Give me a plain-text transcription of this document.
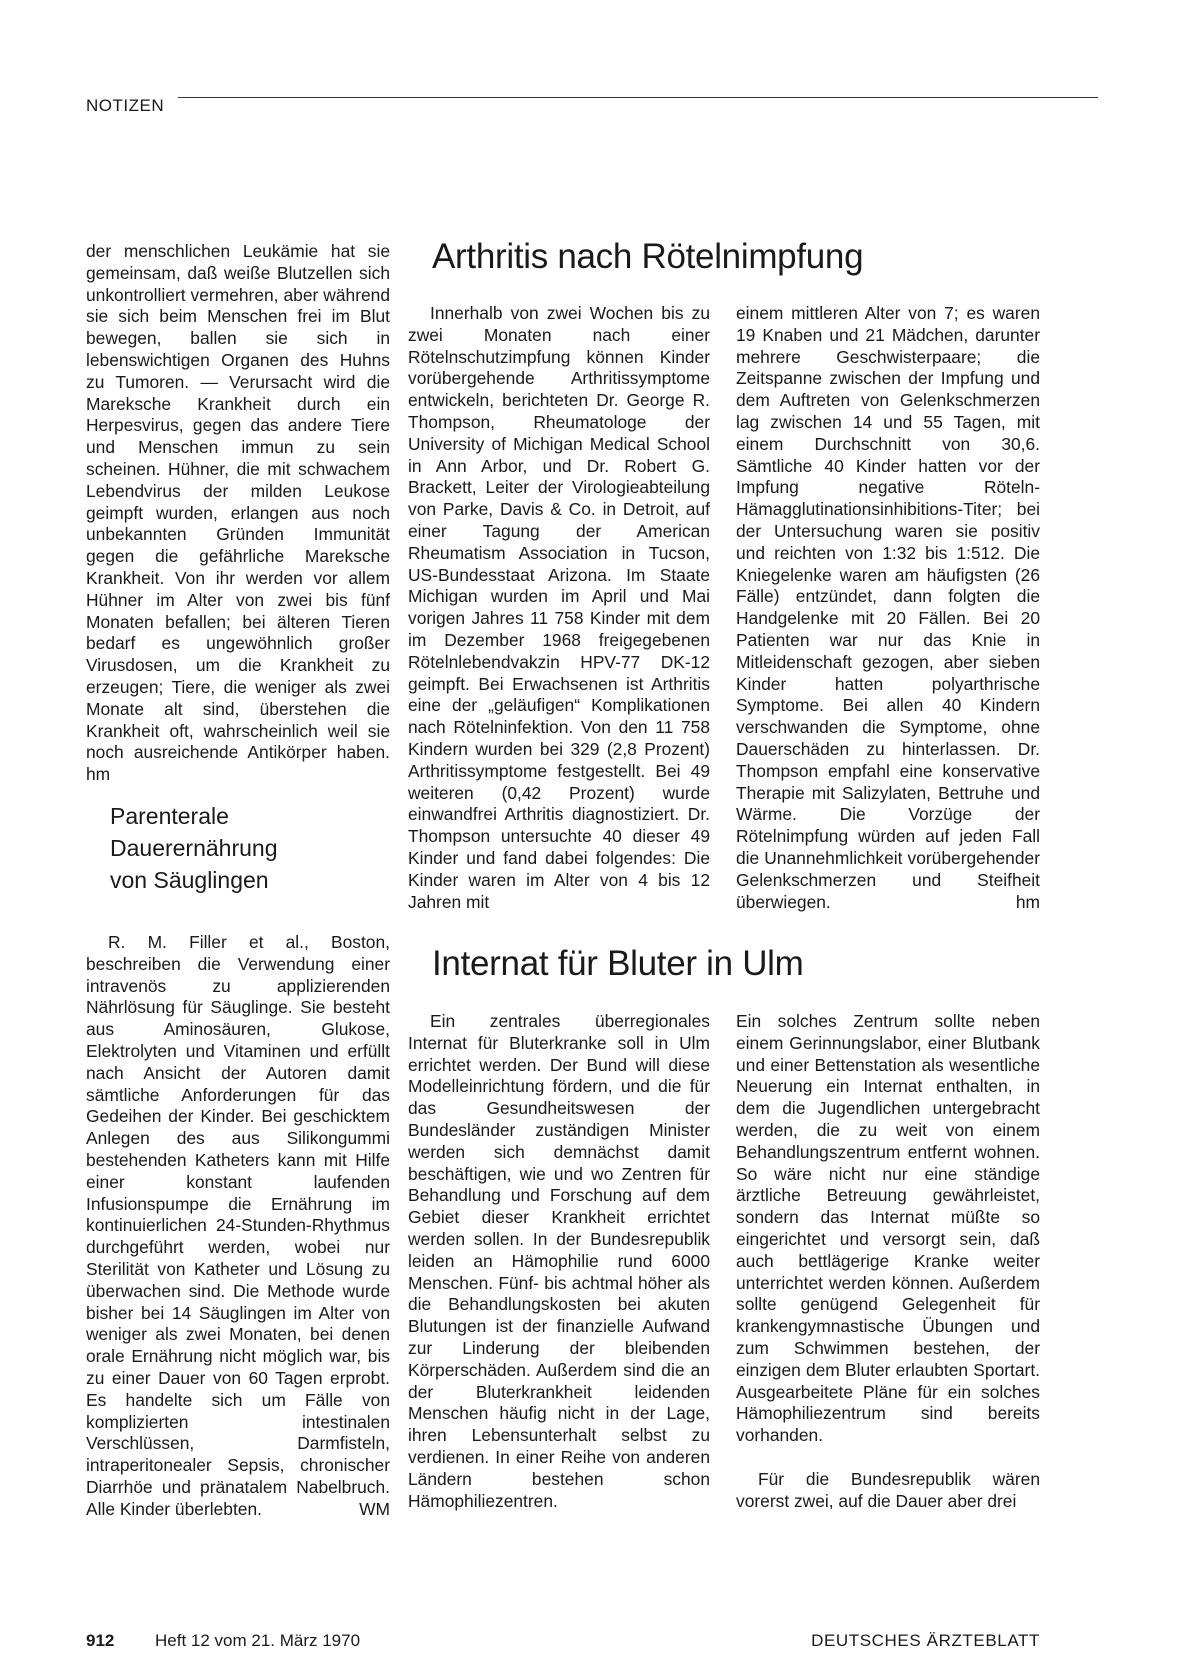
NOTIZEN

der menschlichen Leukämie hat sie gemeinsam, daß weiße Blutzellen sich unkontrolliert vermehren, aber während sie sich beim Menschen frei im Blut bewegen, ballen sie sich in lebenswichtigen Organen des Huhns zu Tumoren. — Verursacht wird die Mareksche Krankheit durch ein Herpesvirus, gegen das andere Tiere und Menschen immun zu sein scheinen. Hühner, die mit schwachem Lebendvirus der milden Leukose geimpft wurden, erlangen aus noch unbekannten Gründen Immunität gegen die gefährliche Mareksche Krankheit. Von ihr werden vor allem Hühner im Alter von zwei bis fünf Monaten befallen; bei älteren Tieren bedarf es ungewöhnlich großer Virusdosen, um die Krankheit zu erzeugen; Tiere, die weniger als zwei Monate alt sind, überstehen die Krankheit oft, wahrscheinlich weil sie noch ausreichende Antikörper haben. hm

Parenterale
Dauerernährung
von Säuglingen

R. M. Filler et al., Boston, beschreiben die Verwendung einer intravenös zu applizierenden Nährlösung für Säuglinge. Sie besteht aus Aminosäuren, Glukose, Elektrolyten und Vitaminen und erfüllt nach Ansicht der Autoren damit sämtliche Anforderungen für das Gedeihen der Kinder. Bei geschicktem Anlegen des aus Silikongummi bestehenden Katheters kann mit Hilfe einer konstant laufenden Infusionspumpe die Ernährung im kontinuierlichen 24-Stunden-Rhythmus durchgeführt werden, wobei nur Sterilität von Katheter und Lösung zu überwachen sind. Die Methode wurde bisher bei 14 Säuglingen im Alter von weniger als zwei Monaten, bei denen orale Ernährung nicht möglich war, bis zu einer Dauer von 60 Tagen erprobt. Es handelte sich um Fälle von komplizierten intestinalen Verschlüssen, Darmfisteln, intraperitonealer Sepsis, chronischer Diarrhöe und pränatalem Nabelbruch. Alle Kinder überlebten.	WM

Arthritis nach Rötelnimpfung

Innerhalb von zwei Wochen bis zu zwei Monaten nach einer Rötelnschutzimpfung können Kinder vorübergehende Arthritissymptome entwickeln, berichteten Dr. George R. Thompson, Rheumatologe der University of Michigan Medical School in Ann Arbor, und Dr. Robert G. Brackett, Leiter der Virologieabteilung von Parke, Davis & Co. in Detroit, auf einer Tagung der American Rheumatism Association in Tucson, US-Bundesstaat Arizona. Im Staate Michigan wurden im April und Mai vorigen Jahres 11 758 Kinder mit dem im Dezember 1968 freigegebenen Rötelnlebendvakzin HPV-77 DK-12 geimpft. Bei Erwachsenen ist Arthritis eine der „geläufigen“ Komplikationen nach Rötelninfektion. Von den 11 758 Kindern wurden bei 329 (2,8 Prozent) Arthritissymptome festgestellt. Bei 49 weiteren (0,42 Prozent) wurde einwandfrei Arthritis diagnostiziert. Dr. Thompson untersuchte 40 dieser 49 Kinder und fand dabei folgendes: Die Kinder waren im Alter von 4 bis 12 Jahren mit

einem mittleren Alter von 7; es waren 19 Knaben und 21 Mädchen, darunter mehrere Geschwisterpaare; die Zeitspanne zwischen der Impfung und dem Auftreten von Gelenkschmerzen lag zwischen 14 und 55 Tagen, mit einem Durchschnitt von 30,6. Sämtliche 40 Kinder hatten vor der Impfung negative Röteln-Hämagglutinationsinhibitions-Titer; bei der Untersuchung waren sie positiv und reichten von 1:32 bis 1:512. Die Kniegelenke waren am häufigsten (26 Fälle) entzündet, dann folgten die Handgelenke mit 20 Fällen. Bei 20 Patienten war nur das Knie in Mitleidenschaft gezogen, aber sieben Kinder hatten polyarthrische Symptome. Bei allen 40 Kindern verschwanden die Symptome, ohne Dauerschäden zu hinterlassen. Dr. Thompson empfahl eine konservative Therapie mit Salizylaten, Bettruhe und Wärme. Die Vorzüge der Rötelnimpfung würden auf jeden Fall die Unannehmlichkeit vorübergehender Gelenkschmerzen und Steifheit überwiegen.	hm

Internat für Bluter in Ulm

Ein zentrales überregionales Internat für Bluterkranke soll in Ulm errichtet werden. Der Bund will diese Modelleinrichtung fördern, und die für das Gesundheitswesen der Bundesländer zuständigen Minister werden sich demnächst damit beschäftigen, wie und wo Zentren für Behandlung und Forschung auf dem Gebiet dieser Krankheit errichtet werden sollen. In der Bundesrepublik leiden an Hämophilie rund 6000 Menschen. Fünf- bis achtmal höher als die Behandlungskosten bei akuten Blutungen ist der finanzielle Aufwand zur Linderung der bleibenden Körperschäden. Außerdem sind die an der Bluterkrankheit leidenden Menschen häufig nicht in der Lage, ihren Lebensunterhalt selbst zu verdienen. In einer Reihe von anderen Ländern bestehen schon Hämophiliezentren.

Ein solches Zentrum sollte neben einem Gerinnungslabor, einer Blutbank und einer Bettenstation als wesentliche Neuerung ein Internat enthalten, in dem die Jugendlichen untergebracht werden, die zu weit von einem Behandlungszentrum entfernt wohnen. So wäre nicht nur eine ständige ärztliche Betreuung gewährleistet, sondern das Internat müßte so eingerichtet und versorgt sein, daß auch bettlägerige Kranke weiter unterrichtet werden können. Außerdem sollte genügend Gelegenheit für krankengymnastische Übungen und zum Schwimmen bestehen, der einzigen dem Bluter erlaubten Sportart. Ausgearbeitete Pläne für ein solches Hämophiliezentrum sind bereits vorhanden.

Für die Bundesrepublik wären vorerst zwei, auf die Dauer aber drei

912 Heft 12 vom 21. März 1970	DEUTSCHES ÄRZTEBLATT
